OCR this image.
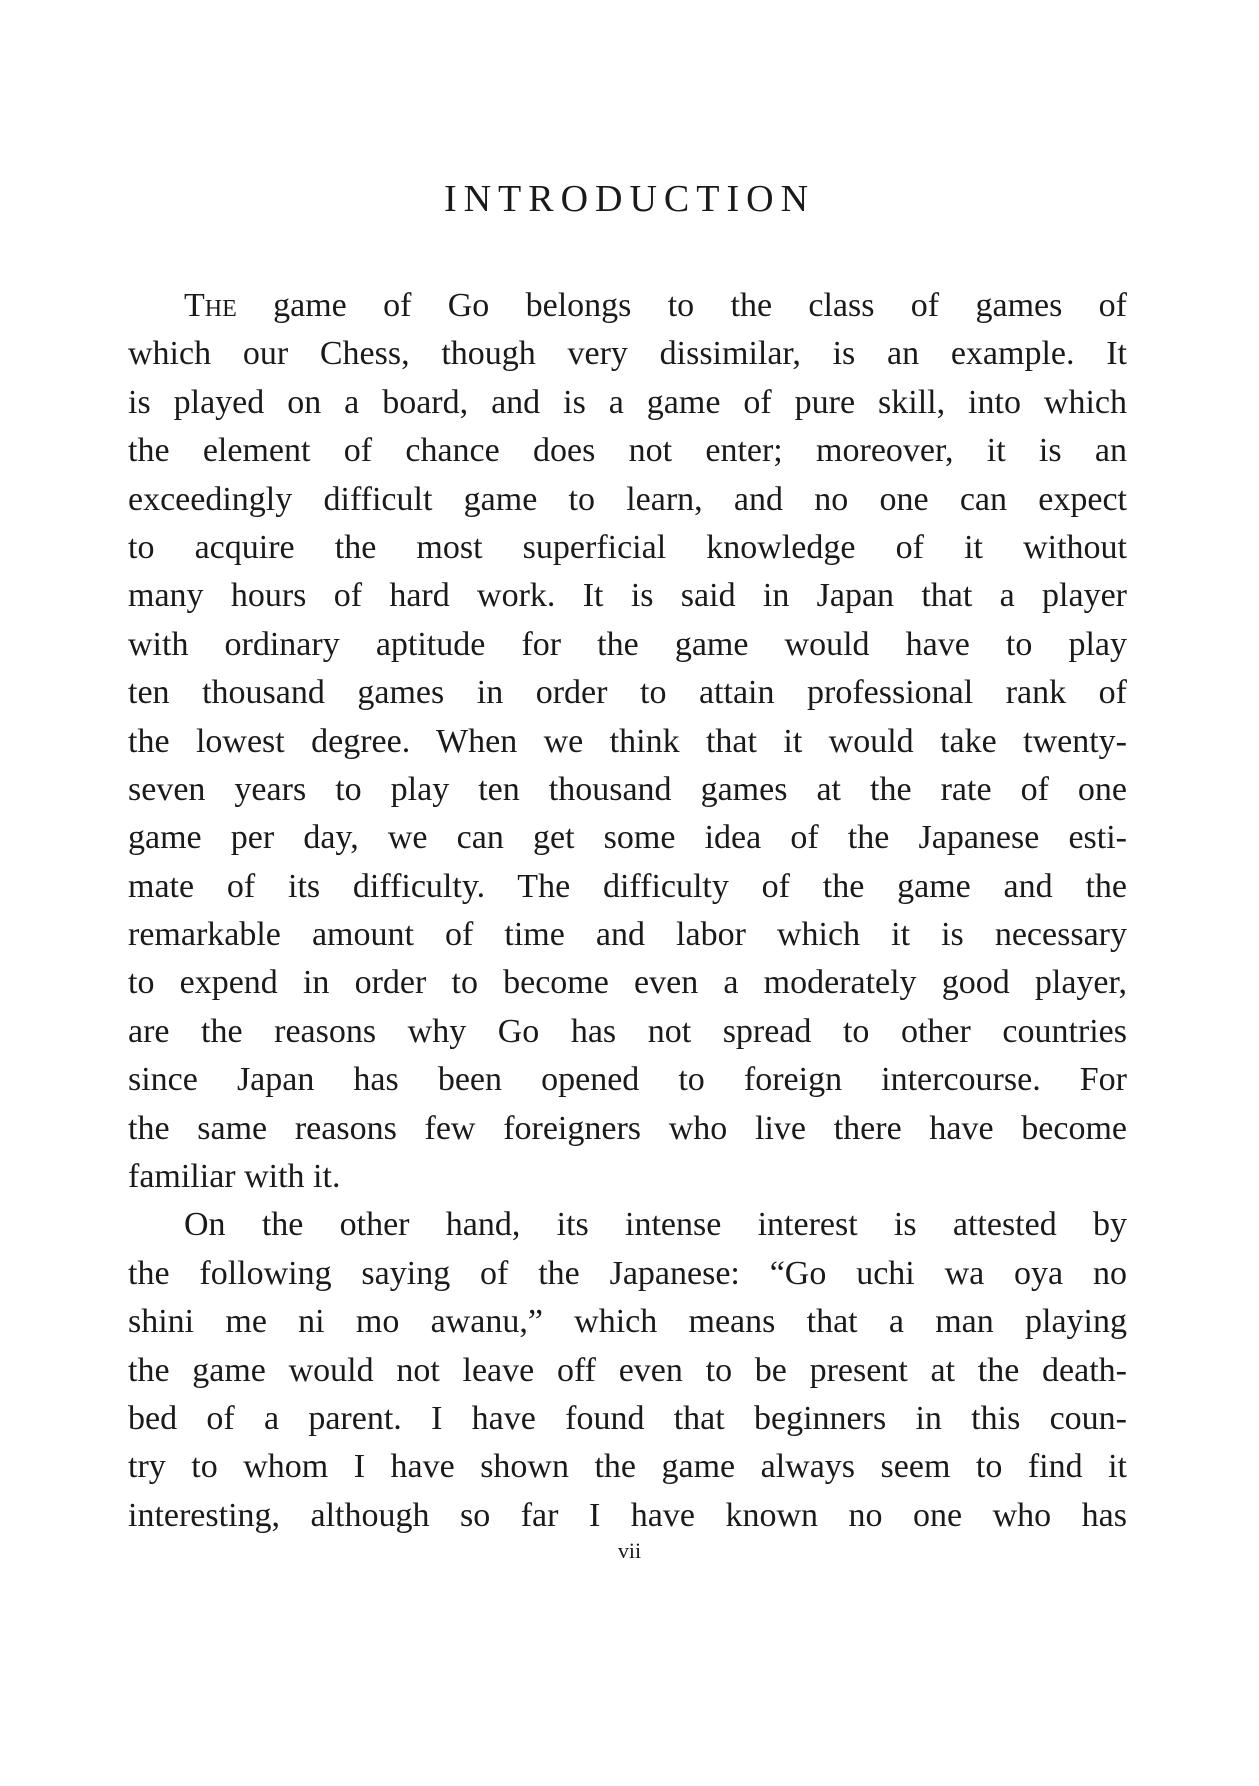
INTRODUCTION

The game of Go belongs to the class of games of
which our Chess, though very dissimilar, is an example. It
is played on a board, and is a game of pure skill, into which
the element of chance does not enter; moreover, it is an
exceedingly difficult game to learn, and no one can expect
to acquire the most superficial knowledge of it without
many hours of hard work. It is said in Japan that a player
with ordinary aptitude for the game would have to play
ten thousand games in order to attain professional rank of
the lowest degree. When we think that it would take twenty-
seven years to play ten thousand games at the rate of one
game per day, we can get some idea of the Japanese esti-
mate of its difficulty. The difficulty of the game and the
remarkable amount of time and labor which it is necessary
to expend in order to become even a moderately good player,
are the reasons why Go has not spread to other countries
since Japan has been opened to foreign intercourse. For
the same reasons few foreigners who live there have become
familiar with it.

On the other hand, its intense interest is attested by
the following saying of the Japanese: “Go uchi wa oya no
shini me ni mo awanu,” which means that a man playing
the game would not leave off even to be present at the death-
bed of a parent. I have found that beginners in this coun-
try to whom I have shown the game always seem to find it
interesting, although so far I have known no one who has

vii
